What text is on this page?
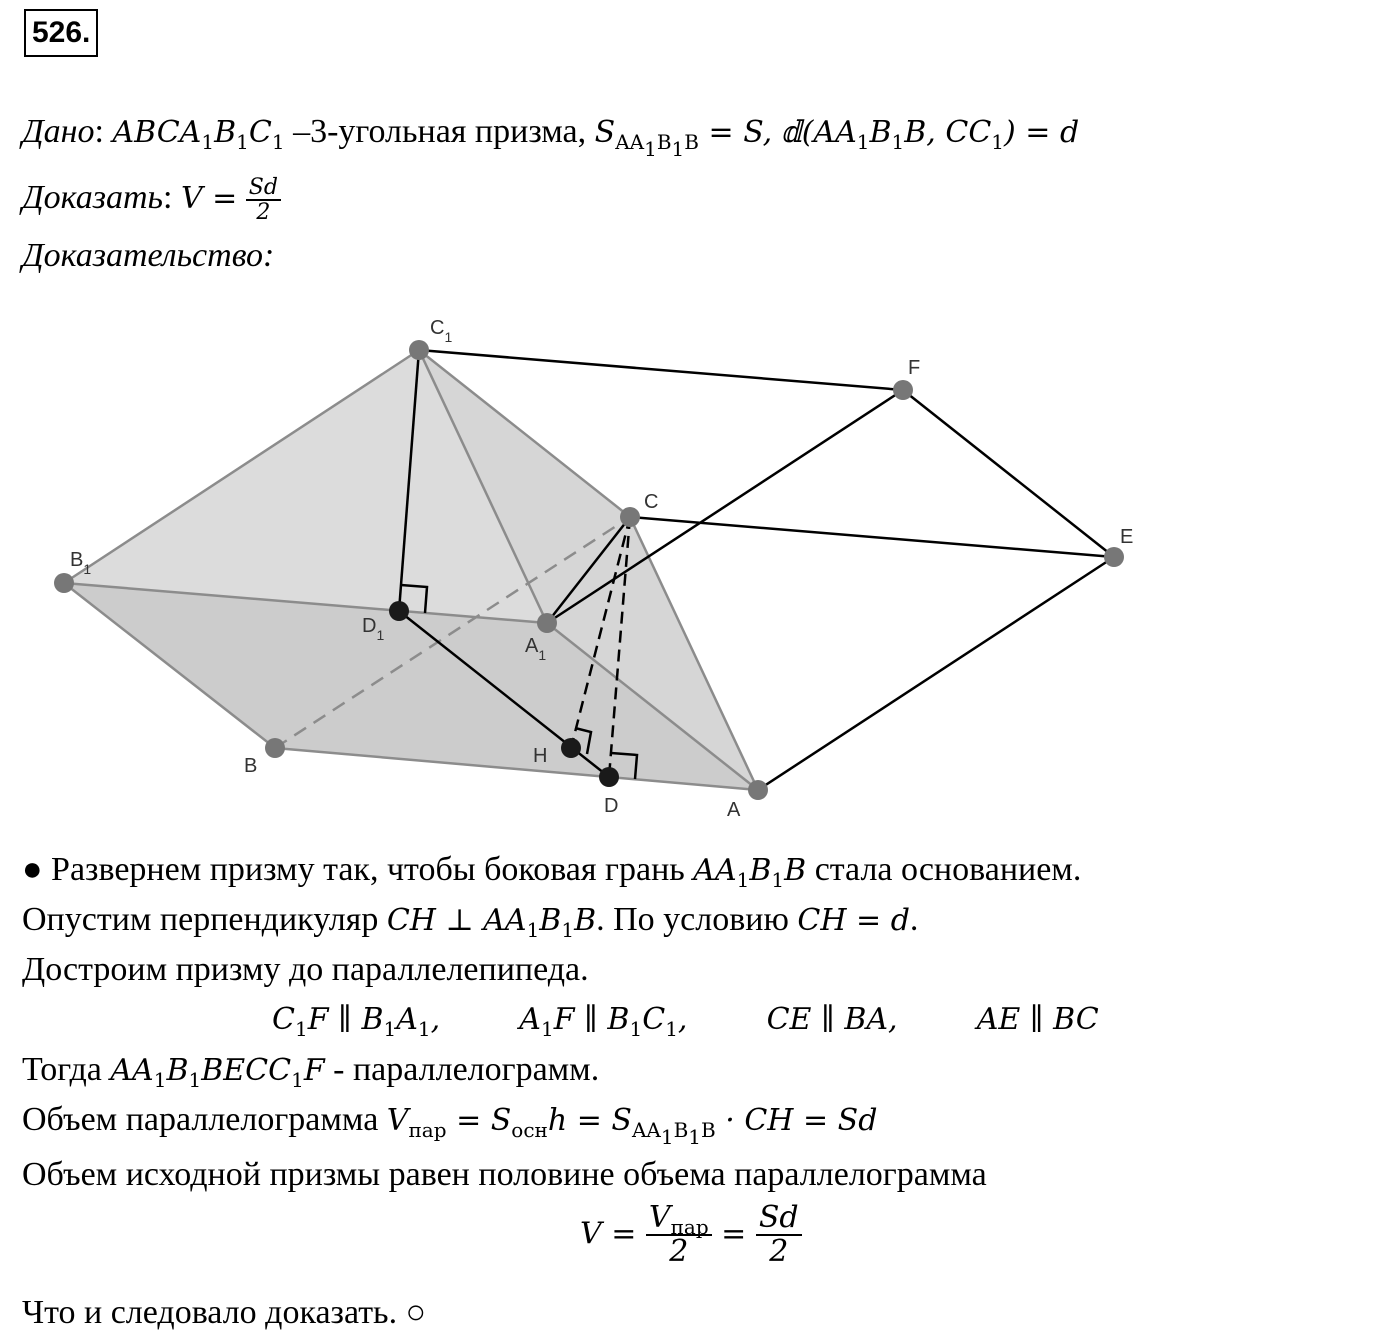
526.
Дано: $ABCA_1B_1C_1$ –3-угольная призма, $S_{AA_1B_1B} = S$, $𝕕(AA_1B_1B$, $CC_1) = d$
Доказать: $V = \frac{Sd}{2}$
Доказательство:
$C_1$
$B_1$
$D_1$	$A_1$
C
F
E
H
B
D	A
● Развернем призму так, чтобы боковая грань $AA_1B_1B$ стала основанием.
Опустим перпендикуляр CH ⊥ $AA_1B_1B$. По условию CH = d.
Достроим призму до параллелепипеда.
$C_1F$ ∥ $B_1A_1$,	$A_1F$ ∥ $B_1C_1$,	CE ∥ BA,	AE ∥ BC
Тогда $AA_1B_1BECC_1F$ - параллелограмм.
Объем параллелограмма $V_{пар} = S_{осн}h = S_{AA_1B_1B}$ · CH = Sd
Объем исходной призмы равен половине объема параллелограмма
$V = \frac{V_{пар}}{2} = \frac{Sd}{2}$
Что и следовало доказать. ○
